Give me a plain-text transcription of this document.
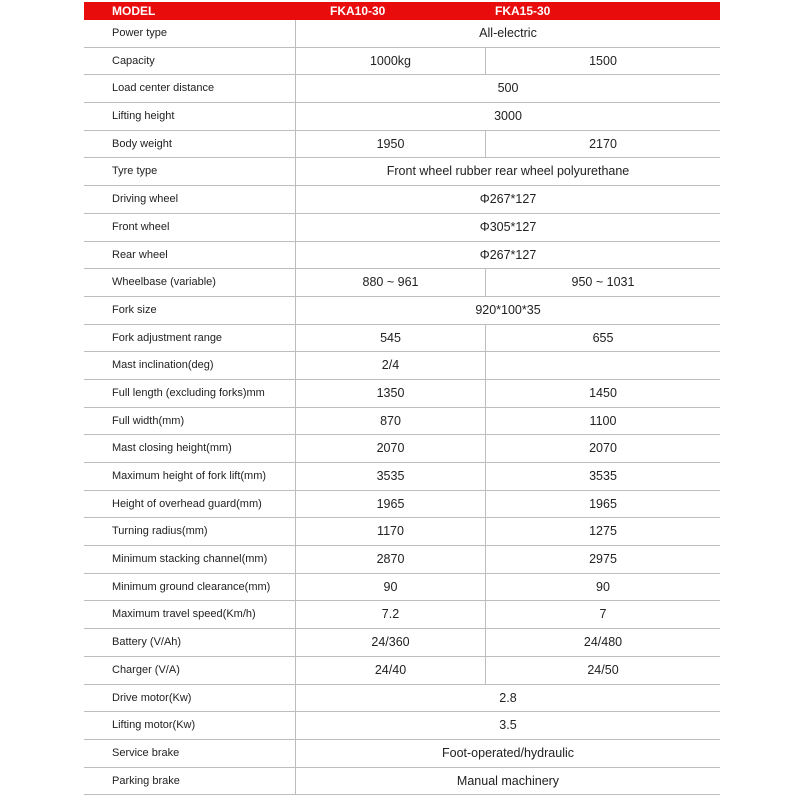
MODEL	FKA10-30	FKA15-30
Power type	All-electric
Capacity	1000kg	1500
Load center distance	500
Lifting height	3000
Body weight	1950	2170
Tyre type	Front wheel rubber rear wheel polyurethane
Driving wheel	Φ267*127
Front wheel	Φ305*127
Rear wheel	Φ267*127
Wheelbase (variable)	880 ~ 961	950 ~ 1031
Fork size	920*100*35
Fork adjustment range	545	655
Mast inclination(deg)	2/4
Full length (excluding forks)mm	1350	1450
Full width(mm)	870	1100
Mast closing height(mm)	2070	2070
Maximum height of fork lift(mm)	3535	3535
Height of overhead guard(mm)	1965	1965
Turning radius(mm)	1170	1275
Minimum stacking channel(mm)	2870	2975
Minimum ground clearance(mm)	90	90
Maximum travel speed(Km/h)	7.2	7
Battery (V/Ah)	24/360	24/480
Charger (V/A)	24/40	24/50
Drive motor(Kw)	2.8
Lifting motor(Kw)	3.5
Service brake	Foot-operated/hydraulic
Parking brake	Manual machinery
